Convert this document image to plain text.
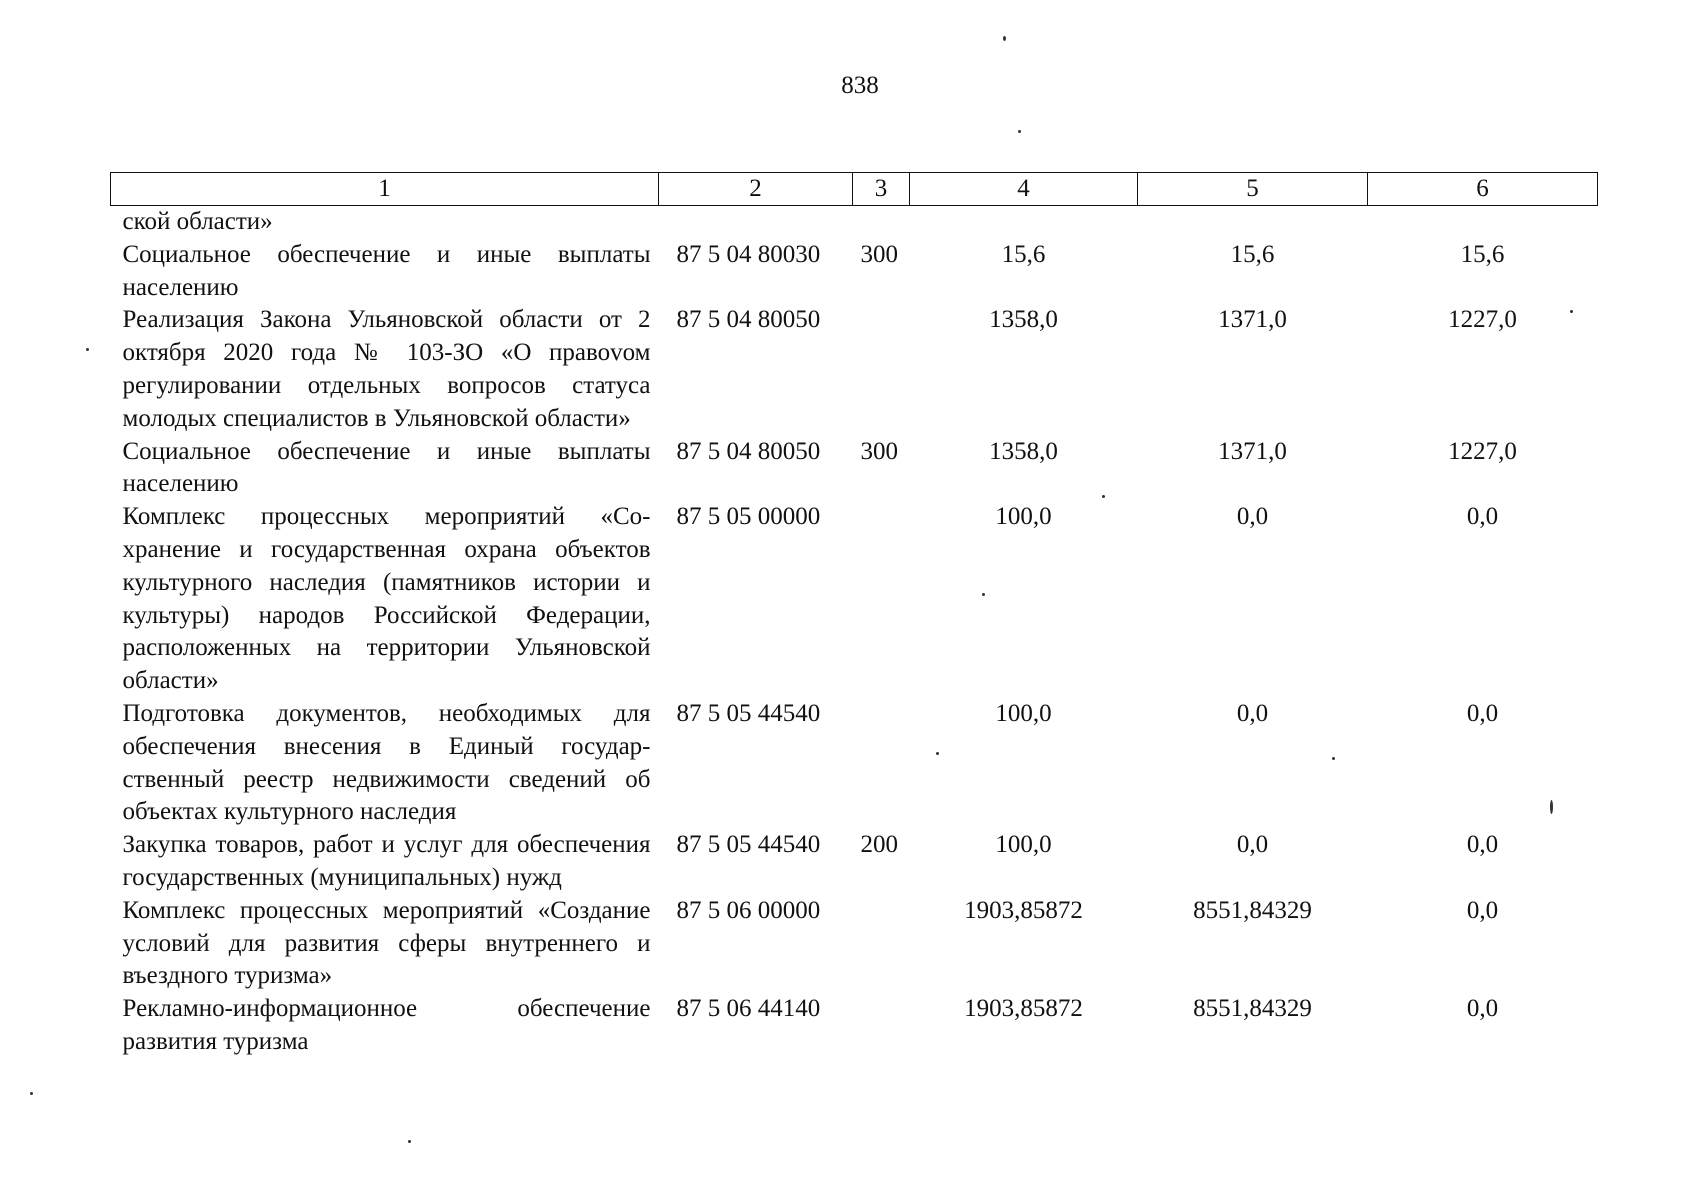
838
1	2	3	4	5	6
ской области»					
Социальное обеспечение и иные выплаты населению	87 5 04 80030	300	15,6	15,6	15,6
Реализация Закона Ульяновской области от 2 октября 2020 года № 103-ЗО «О правоvом регулировании отдельных вопросов статуса молодых специалистов в Ульяновской области»	87 5 04 80050		1358,0	1371,0	1227,0
Социальное обеспечение и иные выплаты населению	87 5 04 80050	300	1358,0	1371,0	1227,0
Комплекс процессных мероприятий «Сохранение и государственная охрана объектов культурного наследия (памятников истории и культуры) народов Российской Федерации, расположенных на территории Ульяновской области»	87 5 05 00000		100,0	0,0	0,0
Подготовка документов, необходимых для обеспечения внесения в Единый государственный реестр недвижимости сведений об объектах культурного наследия	87 5 05 44540		100,0	0,0	0,0
Закупка товаров, работ и услуг для обеспечения государственных (муниципальных) нужд	87 5 05 44540	200	100,0	0,0	0,0
Комплекс процессных мероприятий «Создание условий для развития сферы внутреннего и въездного туризма»	87 5 06 00000		1903,85872	8551,84329	0,0
Рекламно-информационное обеспечение развития туризма	87 5 06 44140		1903,85872	8551,84329	0,0
